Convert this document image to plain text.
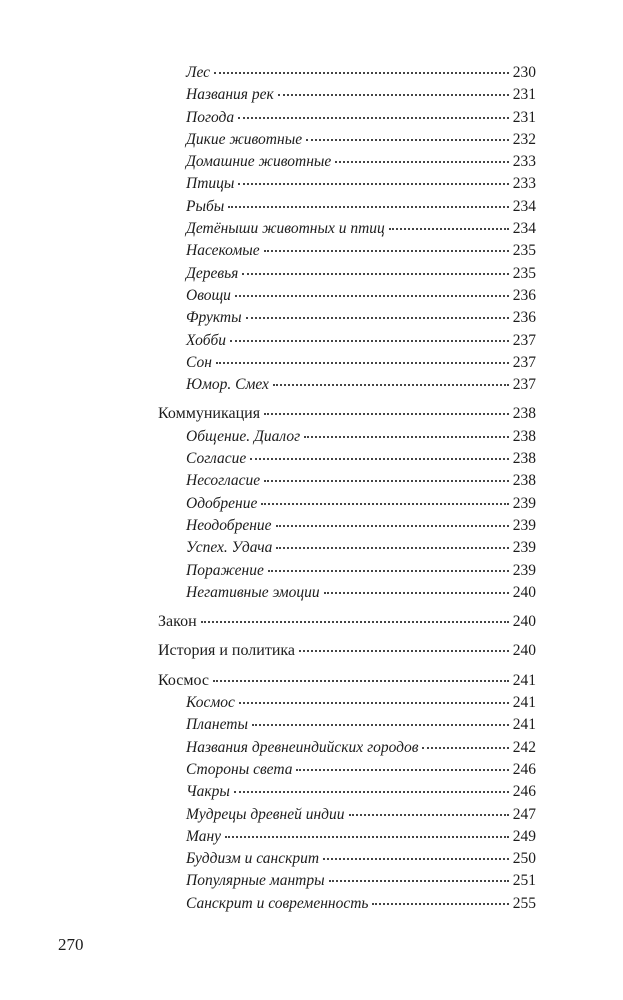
Лес	230
Названия рек	231
Погода	231
Дикие животные	232
Домашние животные	233
Птицы	233
Рыбы	234
Детёныши животных и птиц	234
Насекомые	235
Деревья	235
Овощи	236
Фрукты	236
Хобби	237
Сон	237
Юмор. Смех	237
Коммуникация	238
Общение. Диалог	238
Согласие	238
Несогласие	238
Одобрение	239
Неодобрение	239
Успех. Удача	239
Поражение	239
Негативные эмоции	240
Закон	240
История и политика	240
Космос	241
Космос	241
Планеты	241
Названия древнеиндийских городов	242
Стороны света	246
Чакры	246
Мудрецы древней индии	247
Ману	249
Буддизм и санскрит	250
Популярные мантры	251
Санскрит и современность	255
270
